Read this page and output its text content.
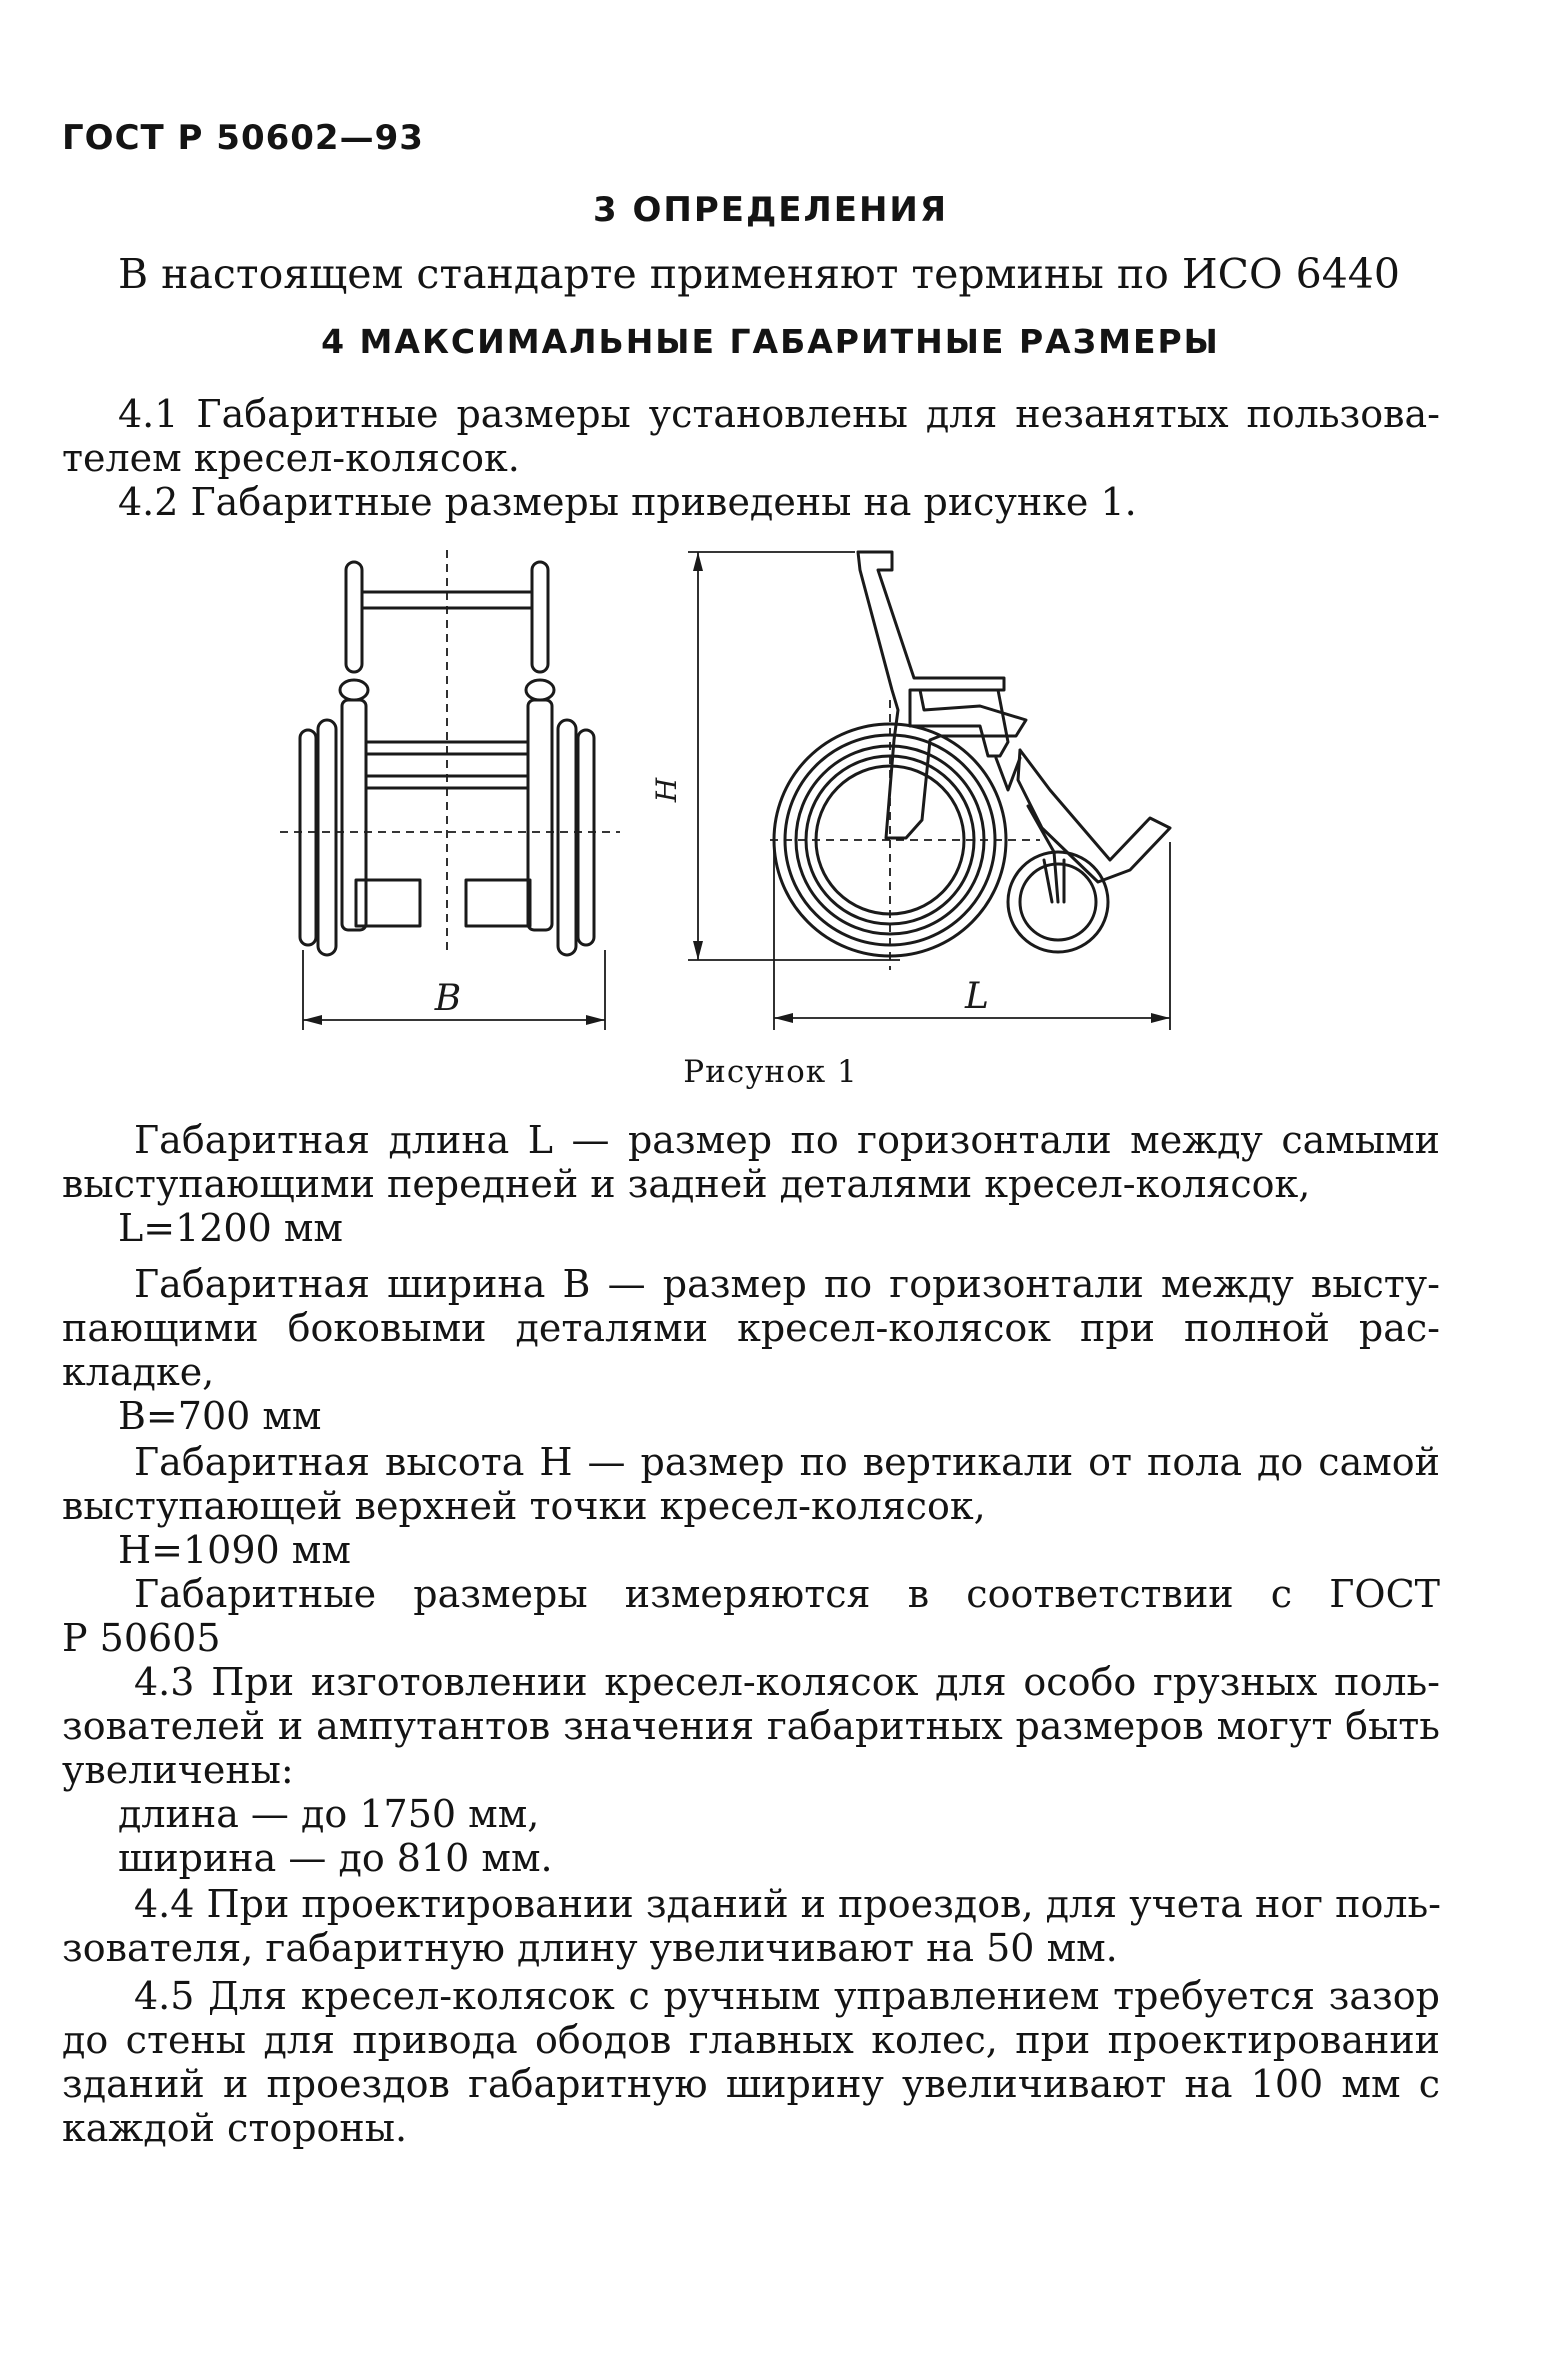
ГОСТ Р 50602—93
3 ОПРЕДЕЛЕНИЯ
В настоящем стандарте применяют термины по ИСО 6440
4 МАКСИМАЛЬНЫЕ ГАБАРИТНЫЕ РАЗМЕРЫ
4.1 Габаритные размеры установлены для незанятых пользова-
телем кресел-колясок.
4.2 Габаритные размеры приведены на рисунке 1.
B
H
L
Рисунок 1
Габаритная длина L — размер по горизонтали между самыми
выступающими передней и задней деталями кресел-колясок,
L=1200 мм
Габаритная ширина B — размер по горизонтали между высту-
пающими боковыми деталями кресел-колясок при полной рас-
кладке,
B=700 мм
Габаритная высота H — размер по вертикали от пола до самой
выступающей верхней точки кресел-колясок,
H=1090 мм
Габаритные размеры измеряются в соответствии с ГОСТ
Р 50605
4.3 При изготовлении кресел-колясок для особо грузных поль-
зователей и ампутантов значения габаритных размеров могут быть
увеличены:
длина — до 1750 мм,
ширина — до 810 мм.
4.4 При проектировании зданий и проездов, для учета ног поль-
зователя, габаритную длину увеличивают на 50 мм.
4.5 Для кресел-колясок с ручным управлением требуется зазор
до стены для привода ободов главных колес, при проектировании
зданий и проездов габаритную ширину увеличивают на 100 мм с
каждой стороны.
